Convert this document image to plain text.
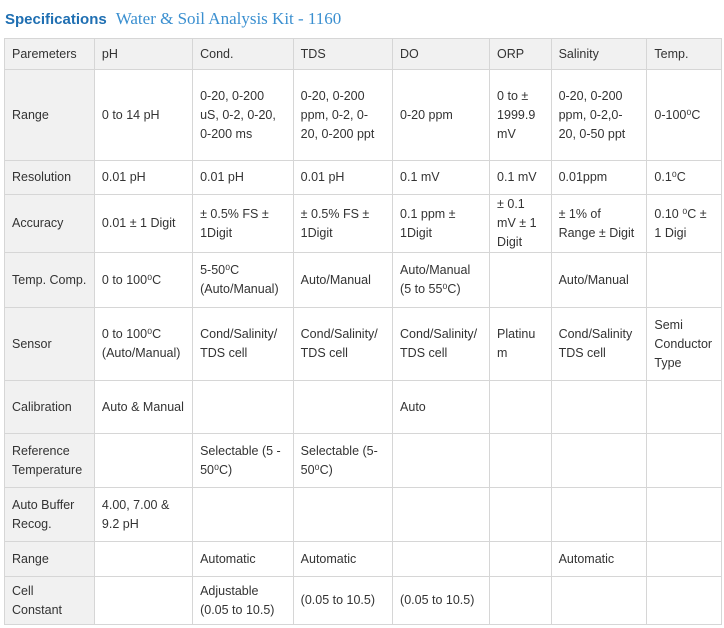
Specifications Water & Soil Analysis Kit - 1160
Paremeters	pH	Cond.	TDS	DO	ORP	Salinity	Temp.
Range	0 to 14 pH	0-20, 0-200 uS, 0-2, 0-20, 0-200 ms	0-20, 0-200 ppm, 0-2, 0-20, 0-200 ppt	0-20 ppm	0 to ± 1999.9 mV	0-20, 0-200 ppm, 0-2,0-20, 0-50 ppt	0-100⁰C
Resolution	0.01 pH	0.01 pH	0.01 pH	0.1 mV	0.1 mV	0.01ppm	0.1⁰C
Accuracy	0.01 ± 1 Digit	± 0.5% FS ± 1Digit	± 0.5% FS ± 1Digit	0.1 ppm ± 1Digit	± 0.1 mV ± 1 Digit	± 1% of Range ± Digit	0.10 ⁰C ± 1 Digi
Temp. Comp.	0 to 100⁰C	5-50⁰C (Auto/Manual)	Auto/Manual	Auto/Manual (5 to 55⁰C)		Auto/Manual	
Sensor	0 to 100⁰C (Auto/Manual)	Cond/Salinity/ TDS cell	Cond/Salinity/ TDS cell	Cond/Salinity/ TDS cell	Platinum	Cond/Salinity TDS cell	Semi Conductor Type
Calibration	Auto & Manual			Auto			
Reference Temperature		Selectable (5 - 50⁰C)	Selectable (5-50⁰C)				
Auto Buffer Recog.	4.00, 7.00 & 9.2 pH						
Range		Automatic	Automatic			Automatic	
Cell Constant		Adjustable (0.05 to 10.5)	(0.05 to 10.5)	(0.05 to 10.5)			
